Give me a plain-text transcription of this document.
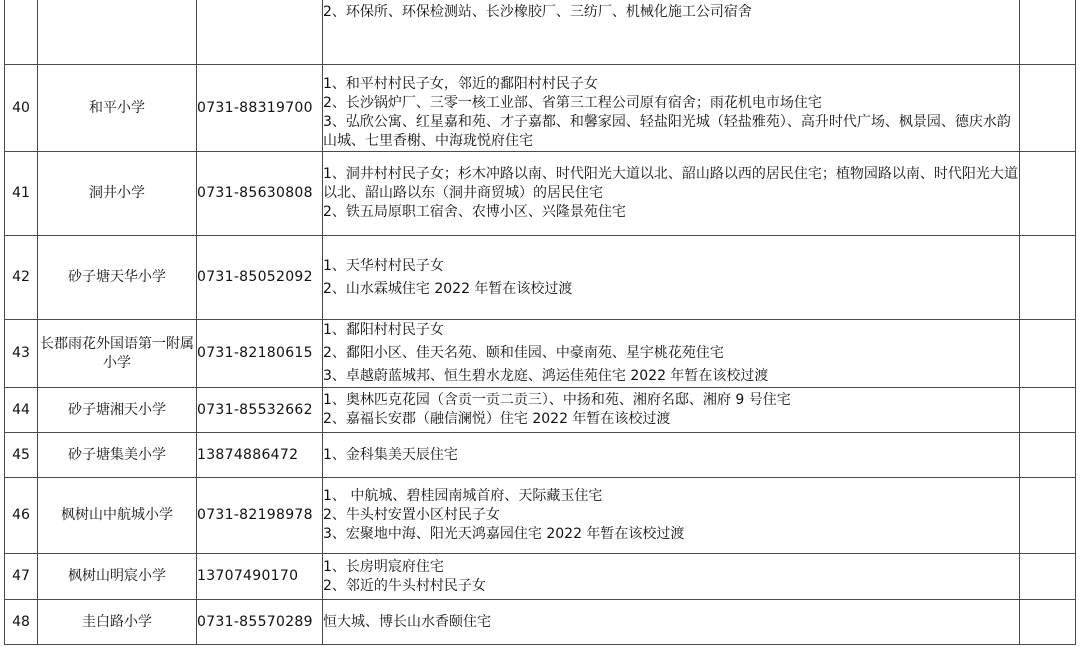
			2、环保所、环保检测站、长沙橡胶厂、三纺厂、机械化施工公司宿舍	

40	和平小学	0731-88319700	1、和平村村民子女，邻近的鄱阳村村民子女
2、长沙锅炉厂、三零一核工业部、省第三工程公司原有宿舍；雨花机电市场住宅
3、弘欣公寓、红星嘉和苑、才子嘉都、和馨家园、轻盐阳光城（轻盐雅苑）、高升时代广场、枫景园、德庆水韵山城、七里香榭、中海珑悦府住宅	

41	洞井小学	0731-85630808	1、洞井村村民子女；杉木冲路以南、时代阳光大道以北、韶山路以西的居民住宅；植物园路以南、时代阳光大道以北、韶山路以东（洞井商贸城）的居民住宅
2、铁五局原职工宿舍、农博小区、兴隆景苑住宅	

42	砂子塘天华小学	0731-85052092	1、天华村村民子女
2、山水霖城住宅 2022 年暂在该校过渡	

43	长郡雨花外国语第一附属小学	0731-82180615	1、鄱阳村村民子女
2、鄱阳小区、佳天名苑、颐和佳园、中豪南苑、星宇桃花苑住宅
3、卓越蔚蓝城邦、恒生碧水龙庭、鸿运佳苑住宅 2022 年暂在该校过渡	

44	砂子塘湘天小学	0731-85532662	1、奥林匹克花园（含贡一贡二贡三）、中扬和苑、湘府名邸、湘府 9 号住宅
2、嘉福长安郡（融信澜悦）住宅 2022 年暂在该校过渡	

45	砂子塘集美小学	13874886472	1、金科集美天辰住宅	

46	枫树山中航城小学	0731-82198978	1、 中航城、碧桂园南城首府、天际藏玉住宅
2、牛头村安置小区村民子女
3、宏聚地中海、阳光天鸿嘉园住宅 2022 年暂在该校过渡	

47	枫树山明宸小学	13707490170	1、长房明宸府住宅
2、邻近的牛头村村民子女	

48	圭白路小学	0731-85570289	恒大城、博长山水香颐住宅	
